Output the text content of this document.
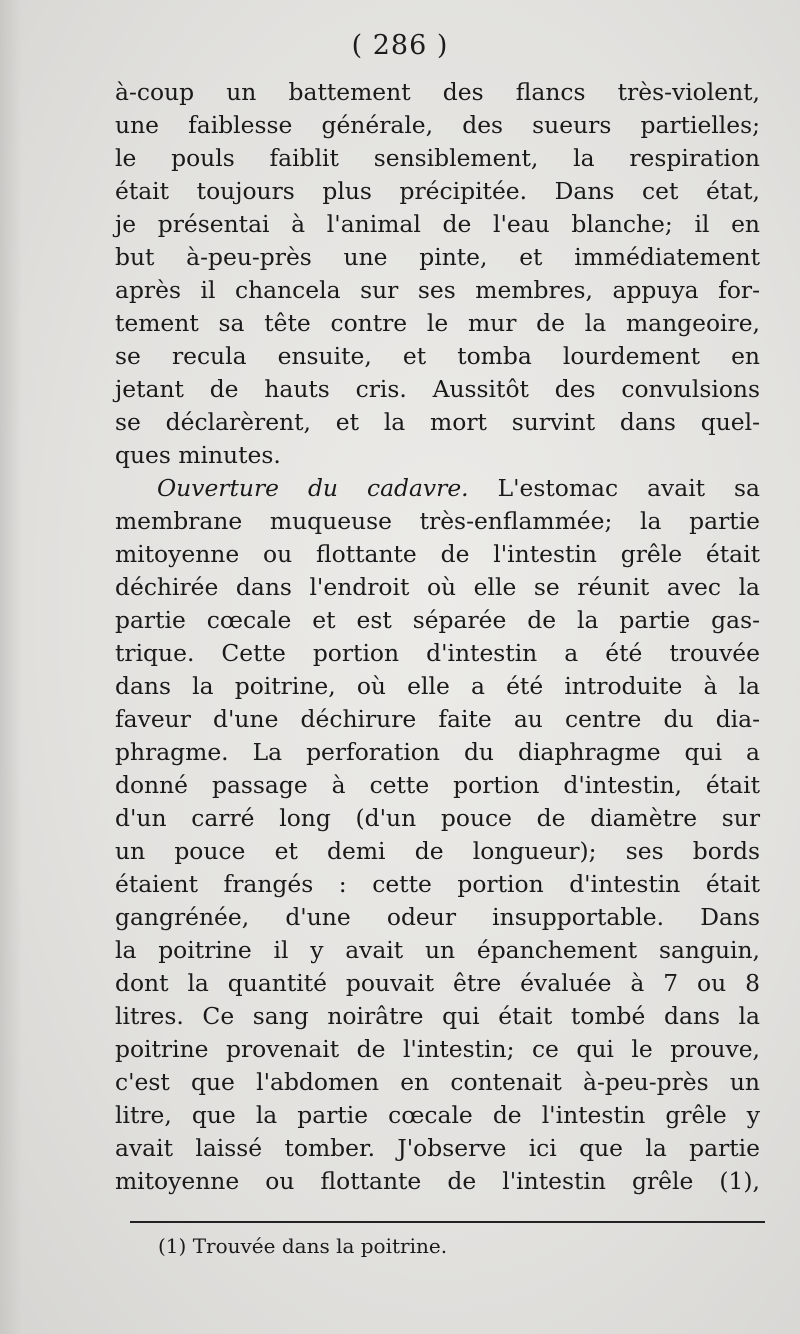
( 286 )
à-coup un battement des flancs très-violent,
une faiblesse générale, des sueurs partielles;
le pouls faiblit sensiblement, la respiration
était toujours plus précipitée. Dans cet état,
je présentai à l'animal de l'eau blanche; il en
but à-peu-près une pinte, et immédiatement
après il chancela sur ses membres, appuya for-
tement sa tête contre le mur de la mangeoire,
se recula ensuite, et tomba lourdement en
jetant de hauts cris. Aussitôt des convulsions
se déclarèrent, et la mort survint dans quel-
ques minutes.
Ouverture du cadavre. L'estomac avait sa
membrane muqueuse très-enflammée; la partie
mitoyenne ou flottante de l'intestin grêle était
déchirée dans l'endroit où elle se réunit avec la
partie cœcale et est séparée de la partie gas-
trique. Cette portion d'intestin a été trouvée
dans la poitrine, où elle a été introduite à la
faveur d'une déchirure faite au centre du dia-
phragme. La perforation du diaphragme qui a
donné passage à cette portion d'intestin, était
d'un carré long (d'un pouce de diamètre sur
un pouce et demi de longueur); ses bords
étaient frangés : cette portion d'intestin était
gangrénée, d'une odeur insupportable. Dans
la poitrine il y avait un épanchement sanguin,
dont la quantité pouvait être évaluée à 7 ou 8
litres. Ce sang noirâtre qui était tombé dans la
poitrine provenait de l'intestin; ce qui le prouve,
c'est que l'abdomen en contenait à-peu-près un
litre, que la partie cœcale de l'intestin grêle y
avait laissé tomber. J'observe ici que la partie
mitoyenne ou flottante de l'intestin grêle (1),
(1) Trouvée dans la poitrine.
